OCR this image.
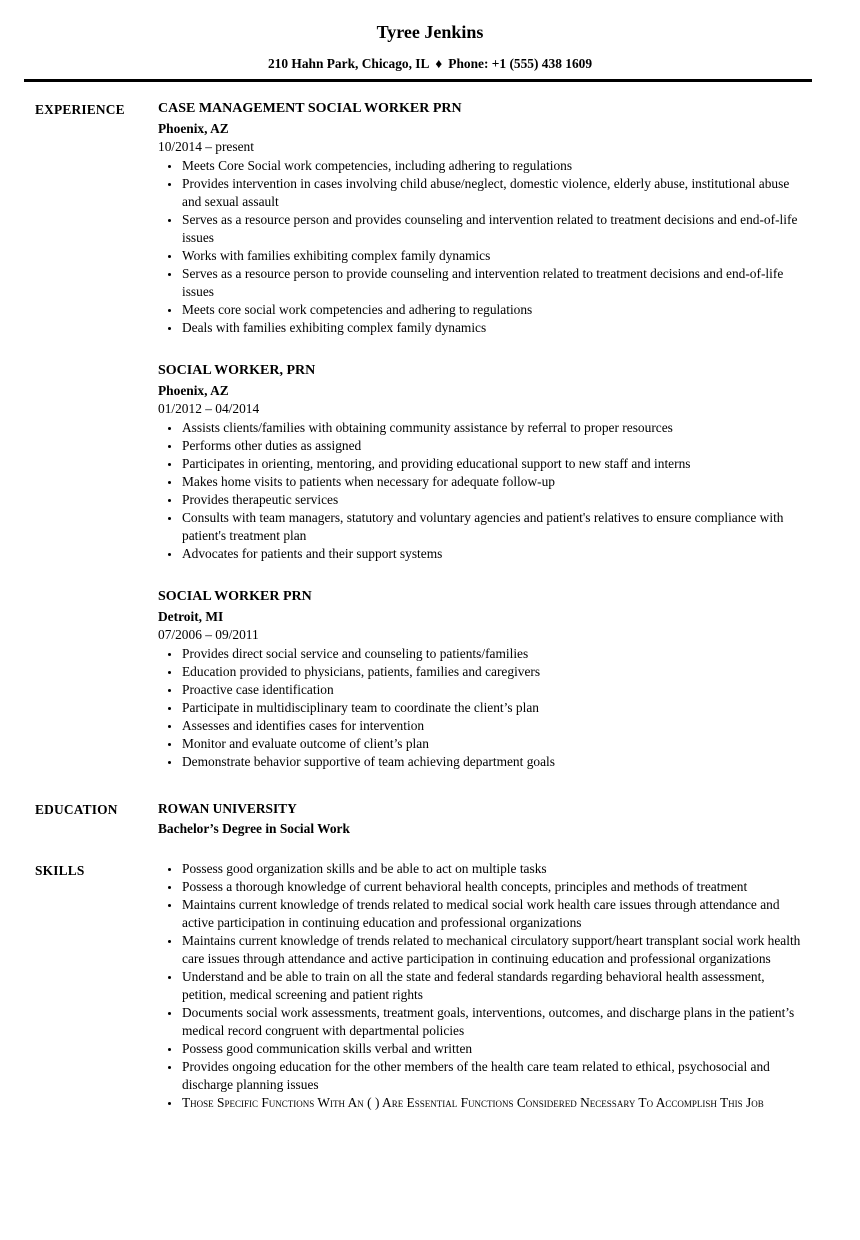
Tyree Jenkins
210 Hahn Park, Chicago, IL ♦ Phone: +1 (555) 438 1609
EXPERIENCE	CASE MANAGEMENT SOCIAL WORKER PRN
Phoenix, AZ
10/2014 – present
• Meets Core Social work competencies, including adhering to regulations
• Provides intervention in cases involving child abuse/neglect, domestic violence, elderly abuse, institutional abuse and sexual assault
• Serves as a resource person and provides counseling and intervention related to treatment decisions and end-of-life issues
• Works with families exhibiting complex family dynamics
• Serves as a resource person to provide counseling and intervention related to treatment decisions and end-of-life issues
• Meets core social work competencies and adhering to regulations
• Deals with families exhibiting complex family dynamics
SOCIAL WORKER, PRN
Phoenix, AZ
01/2012 – 04/2014
• Assists clients/families with obtaining community assistance by referral to proper resources
• Performs other duties as assigned
• Participates in orienting, mentoring, and providing educational support to new staff and interns
• Makes home visits to patients when necessary for adequate follow-up
• Provides therapeutic services
• Consults with team managers, statutory and voluntary agencies and patient's relatives to ensure compliance with patient's treatment plan
• Advocates for patients and their support systems
SOCIAL WORKER PRN
Detroit, MI
07/2006 – 09/2011
• Provides direct social service and counseling to patients/families
• Education provided to physicians, patients, families and caregivers
• Proactive case identification
• Participate in multidisciplinary team to coordinate the client’s plan
• Assesses and identifies cases for intervention
• Monitor and evaluate outcome of client’s plan
• Demonstrate behavior supportive of team achieving department goals
EDUCATION	ROWAN UNIVERSITY
Bachelor’s Degree in Social Work
SKILLS	• Possess good organization skills and be able to act on multiple tasks
• Possess a thorough knowledge of current behavioral health concepts, principles and methods of treatment
• Maintains current knowledge of trends related to medical social work health care issues through attendance and active participation in continuing education and professional organizations
• Maintains current knowledge of trends related to mechanical circulatory support/heart transplant social work health care issues through attendance and active participation in continuing education and professional organizations
• Understand and be able to train on all the state and federal standards regarding behavioral health assessment, petition, medical screening and patient rights
• Documents social work assessments, treatment goals, interventions, outcomes, and discharge plans in the patient’s medical record congruent with departmental policies
• Possess good communication skills verbal and written
• Provides ongoing education for the other members of the health care team related to ethical, psychosocial and discharge planning issues
• Those Specific Functions With An ( ) Are Essential Functions Considered Necessary To Accomplish This Job
